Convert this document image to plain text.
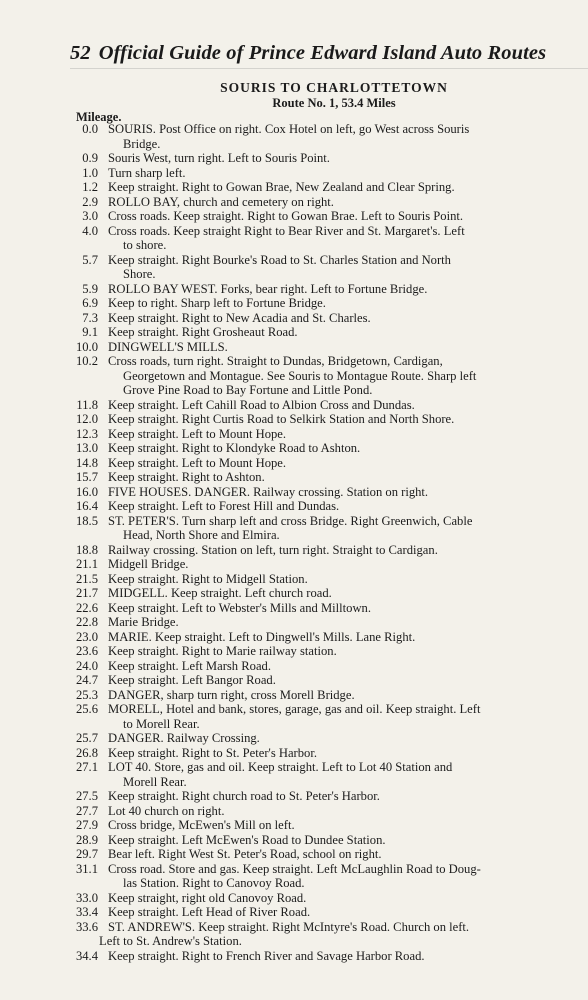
52 Official Guide of Prince Edward Island Auto Routes
SOURIS TO CHARLOTTETOWN
Route No. 1, 53.4 Miles
Mileage.
0.0 SOURIS. Post Office on right. Cox Hotel on left, go West across Souris
Bridge.
0.9 Souris West, turn right. Left to Souris Point.
1.0 Turn sharp left.
1.2 Keep straight. Right to Gowan Brae, New Zealand and Clear Spring.
2.9 ROLLO BAY, church and cemetery on right.
3.0 Cross roads. Keep straight. Right to Gowan Brae. Left to Souris Point.
4.0 Cross roads. Keep straight Right to Bear River and St. Margaret's. Left
to shore.
5.7 Keep straight. Right Bourke's Road to St. Charles Station and North
Shore.
5.9 ROLLO BAY WEST. Forks, bear right. Left to Fortune Bridge.
6.9 Keep to right. Sharp left to Fortune Bridge.
7.3 Keep straight. Right to New Acadia and St. Charles.
9.1 Keep straight. Right Grosheaut Road.
10.0 DINGWELL'S MILLS.
10.2 Cross roads, turn right. Straight to Dundas, Bridgetown, Cardigan,
Georgetown and Montague. See Souris to Montague Route. Sharp left
Grove Pine Road to Bay Fortune and Little Pond.
11.8 Keep straight. Left Cahill Road to Albion Cross and Dundas.
12.0 Keep straight. Right Curtis Road to Selkirk Station and North Shore.
12.3 Keep straight. Left to Mount Hope.
13.0 Keep straight. Right to Klondyke Road to Ashton.
14.8 Keep straight. Left to Mount Hope.
15.7 Keep straight. Right to Ashton.
16.0 FIVE HOUSES. DANGER. Railway crossing. Station on right.
16.4 Keep straight. Left to Forest Hill and Dundas.
18.5 ST. PETER'S. Turn sharp left and cross Bridge. Right Greenwich, Cable
Head, North Shore and Elmira.
18.8 Railway crossing. Station on left, turn right. Straight to Cardigan.
21.1 Midgell Bridge.
21.5 Keep straight. Right to Midgell Station.
21.7 MIDGELL. Keep straight. Left church road.
22.6 Keep straight. Left to Webster's Mills and Milltown.
22.8 Marie Bridge.
23.0 MARIE. Keep straight. Left to Dingwell's Mills. Lane Right.
23.6 Keep straight. Right to Marie railway station.
24.0 Keep straight. Left Marsh Road.
24.7 Keep straight. Left Bangor Road.
25.3 DANGER, sharp turn right, cross Morell Bridge.
25.6 MORELL, Hotel and bank, stores, garage, gas and oil. Keep straight. Left
to Morell Rear.
25.7 DANGER. Railway Crossing.
26.8 Keep straight. Right to St. Peter's Harbor.
27.1 LOT 40. Store, gas and oil. Keep straight. Left to Lot 40 Station and
Morell Rear.
27.5 Keep straight. Right church road to St. Peter's Harbor.
27.7 Lot 40 church on right.
27.9 Cross bridge, McEwen's Mill on left.
28.9 Keep straight. Left McEwen's Road to Dundee Station.
29.7 Bear left. Right West St. Peter's Road, school on right.
31.1 Cross road. Store and gas. Keep straight. Left McLaughlin Road to Doug-
las Station. Right to Canovoy Road.
33.0 Keep straight, right old Canovoy Road.
33.4 Keep straight. Left Head of River Road.
33.6 ST. ANDREW'S. Keep straight. Right McIntyre's Road. Church on left.
Left to St. Andrew's Station.
34.4 Keep straight. Right to French River and Savage Harbor Road.
